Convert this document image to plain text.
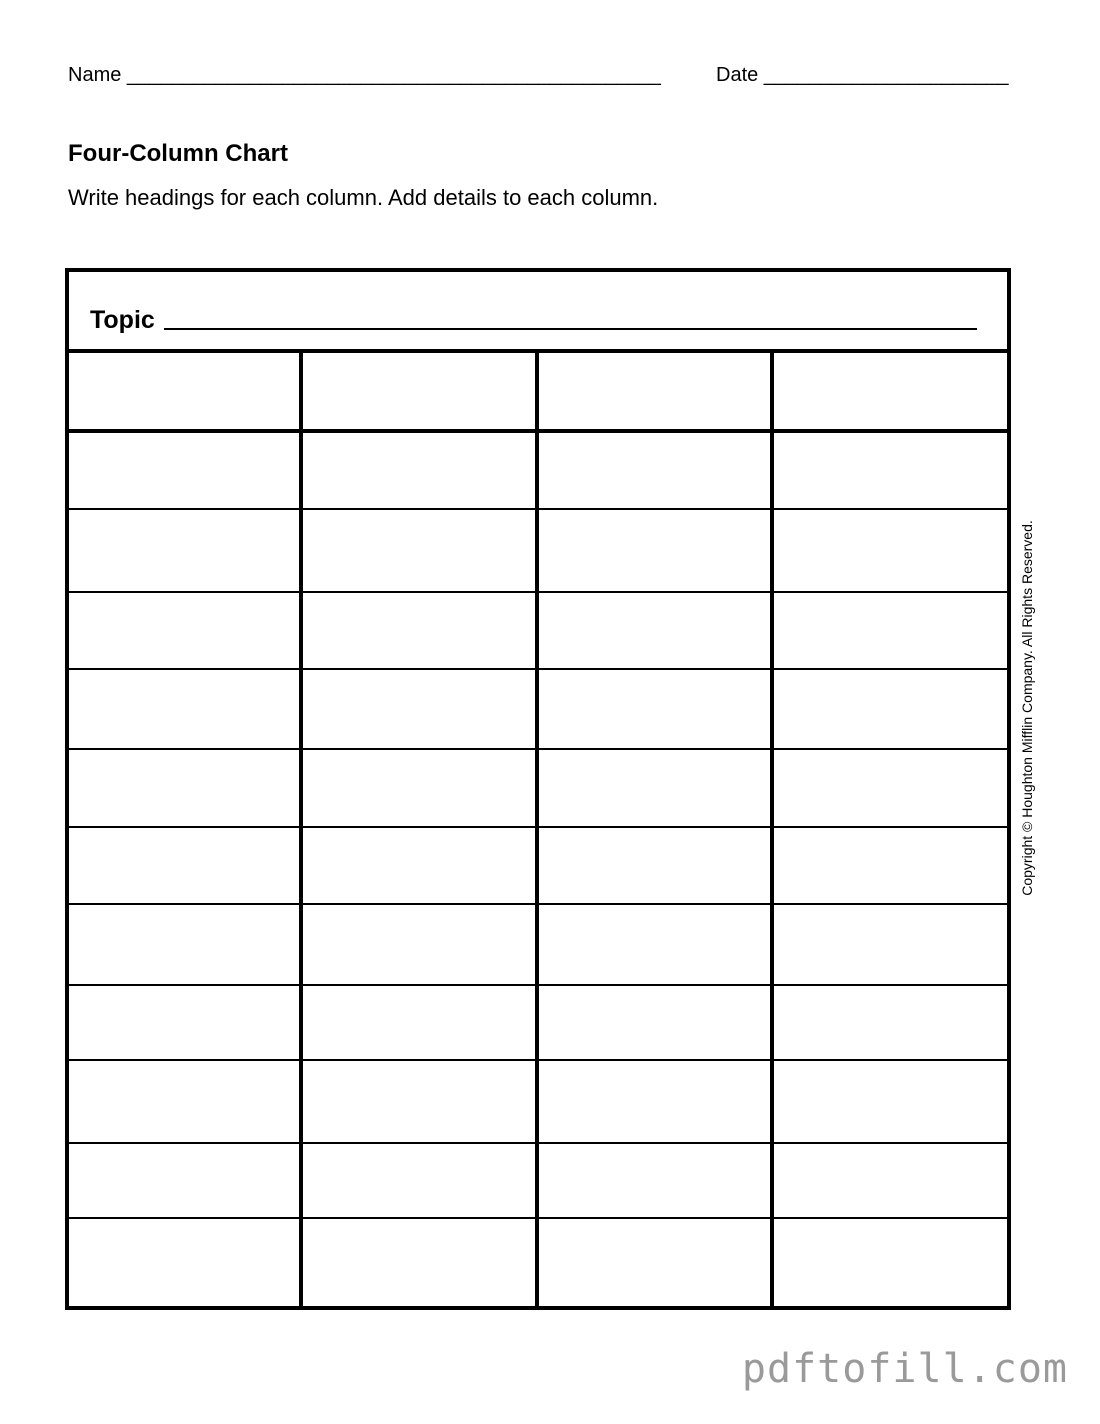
Name ________________________________________________	Date ______________________
Four-Column Chart
Write headings for each column. Add details to each column.
Topic
Copyright © Houghton Mifflin Company. All Rights Reserved.
pdftofill.com
